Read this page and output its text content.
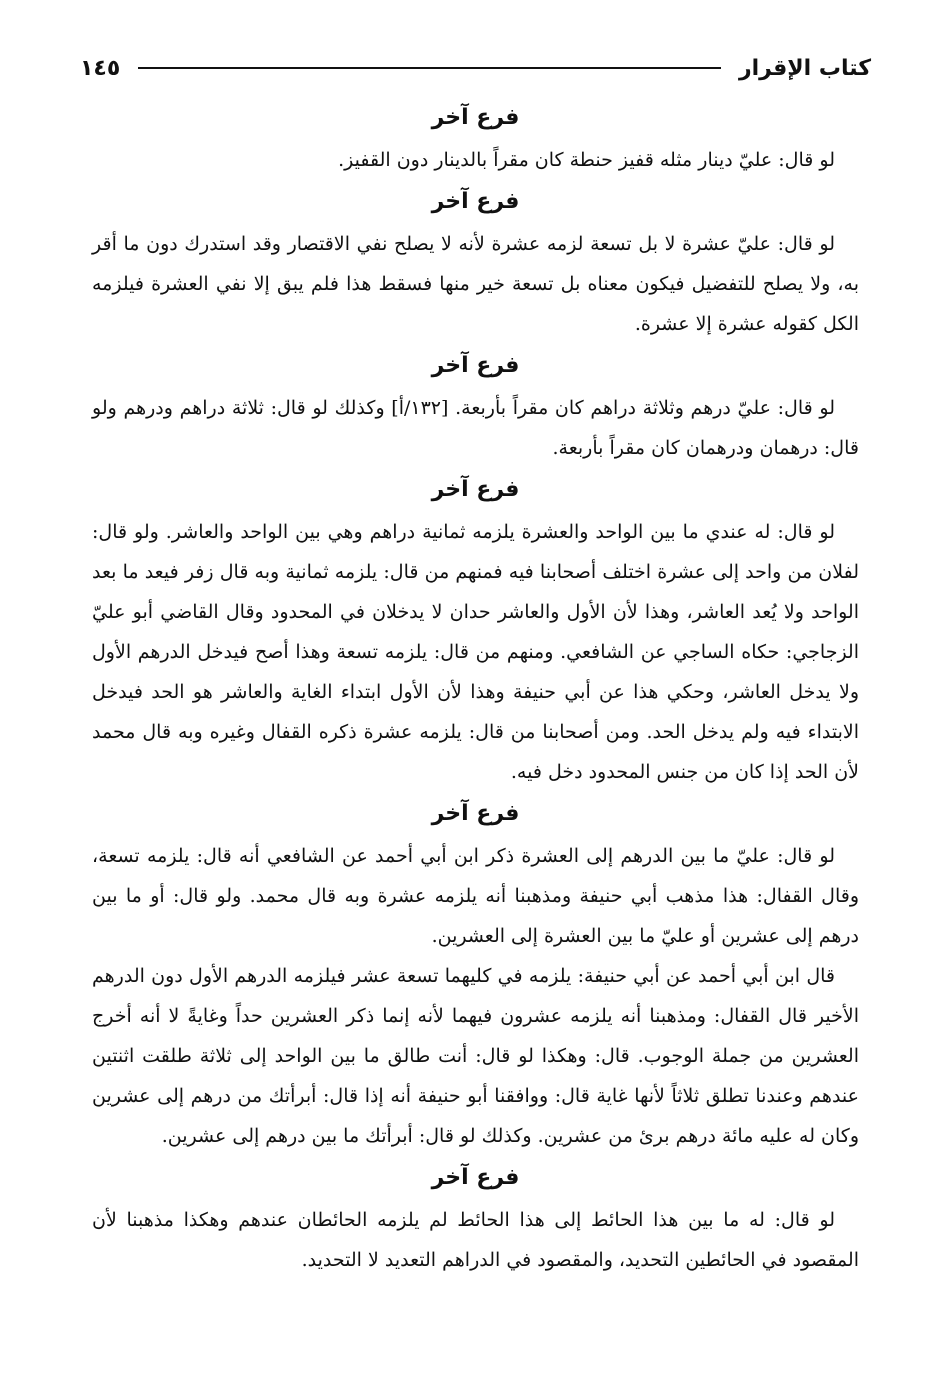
كتاب الإقرار
١٤٥
فرع آخر

لو قال: عليّ دينار مثله قفيز حنطة كان مقراً بالدينار دون القفيز.

فرع آخر

لو قال: عليّ عشرة لا بل تسعة لزمه عشرة لأنه لا يصلح نفي الاقتصار وقد استدرك دون ما أقر به، ولا يصلح للتفضيل فيكون معناه بل تسعة خير منها فسقط هذا فلم يبق إلا نفي العشرة فيلزمه الكل كقوله عشرة إلا عشرة.

فرع آخر

لو قال: عليّ درهم وثلاثة دراهم كان مقراً بأربعة. [١٣٢/أ] وكذلك لو قال: ثلاثة دراهم ودرهم ولو قال: درهمان ودرهمان كان مقراً بأربعة.

فرع آخر

لو قال: له عندي ما بين الواحد والعشرة يلزمه ثمانية دراهم وهي بين الواحد والعاشر. ولو قال: لفلان من واحد إلى عشرة اختلف أصحابنا فيه فمنهم من قال: يلزمه ثمانية وبه قال زفر فيعد ما بعد الواحد ولا يُعد العاشر، وهذا لأن الأول والعاشر حدان لا يدخلان في المحدود وقال القاضي أبو عليّ الزجاجي: حكاه الساجي عن الشافعي. ومنهم من قال: يلزمه تسعة وهذا أصح فيدخل الدرهم الأول ولا يدخل العاشر، وحكي هذا عن أبي حنيفة وهذا لأن الأول ابتداء الغاية والعاشر هو الحد فيدخل الابتداء فيه ولم يدخل الحد. ومن أصحابنا من قال: يلزمه عشرة ذكره القفال وغيره وبه قال محمد لأن الحد إذا كان من جنس المحدود دخل فيه.

فرع آخر

لو قال: عليّ ما بين الدرهم إلى العشرة ذكر ابن أبي أحمد عن الشافعي أنه قال: يلزمه تسعة، وقال القفال: هذا مذهب أبي حنيفة ومذهبنا أنه يلزمه عشرة وبه قال محمد. ولو قال: أو ما بين درهم إلى عشرين أو عليّ ما بين العشرة إلى العشرين.

قال ابن أبي أحمد عن أبي حنيفة: يلزمه في كليهما تسعة عشر فيلزمه الدرهم الأول دون الدرهم الأخير قال القفال: ومذهبنا أنه يلزمه عشرون فيهما لأنه إنما ذكر العشرين حداً وغايةً لا أنه أخرج العشرين من جملة الوجوب. قال: وهكذا لو قال: أنت طالق ما بين الواحد إلى ثلاثة طلقت اثنتين عندهم وعندنا تطلق ثلاثاً لأنها غاية قال: ووافقنا أبو حنيفة أنه إذا قال: أبرأتك من درهم إلى عشرين وكان له عليه مائة درهم برئ من عشرين. وكذلك لو قال: أبرأتك ما بين درهم إلى عشرين.

فرع آخر

لو قال: له ما بين هذا الحائط إلى هذا الحائط لم يلزمه الحائطان عندهم وهكذا مذهبنا لأن المقصود في الحائطين التحديد، والمقصود في الدراهم التعديد لا التحديد.
